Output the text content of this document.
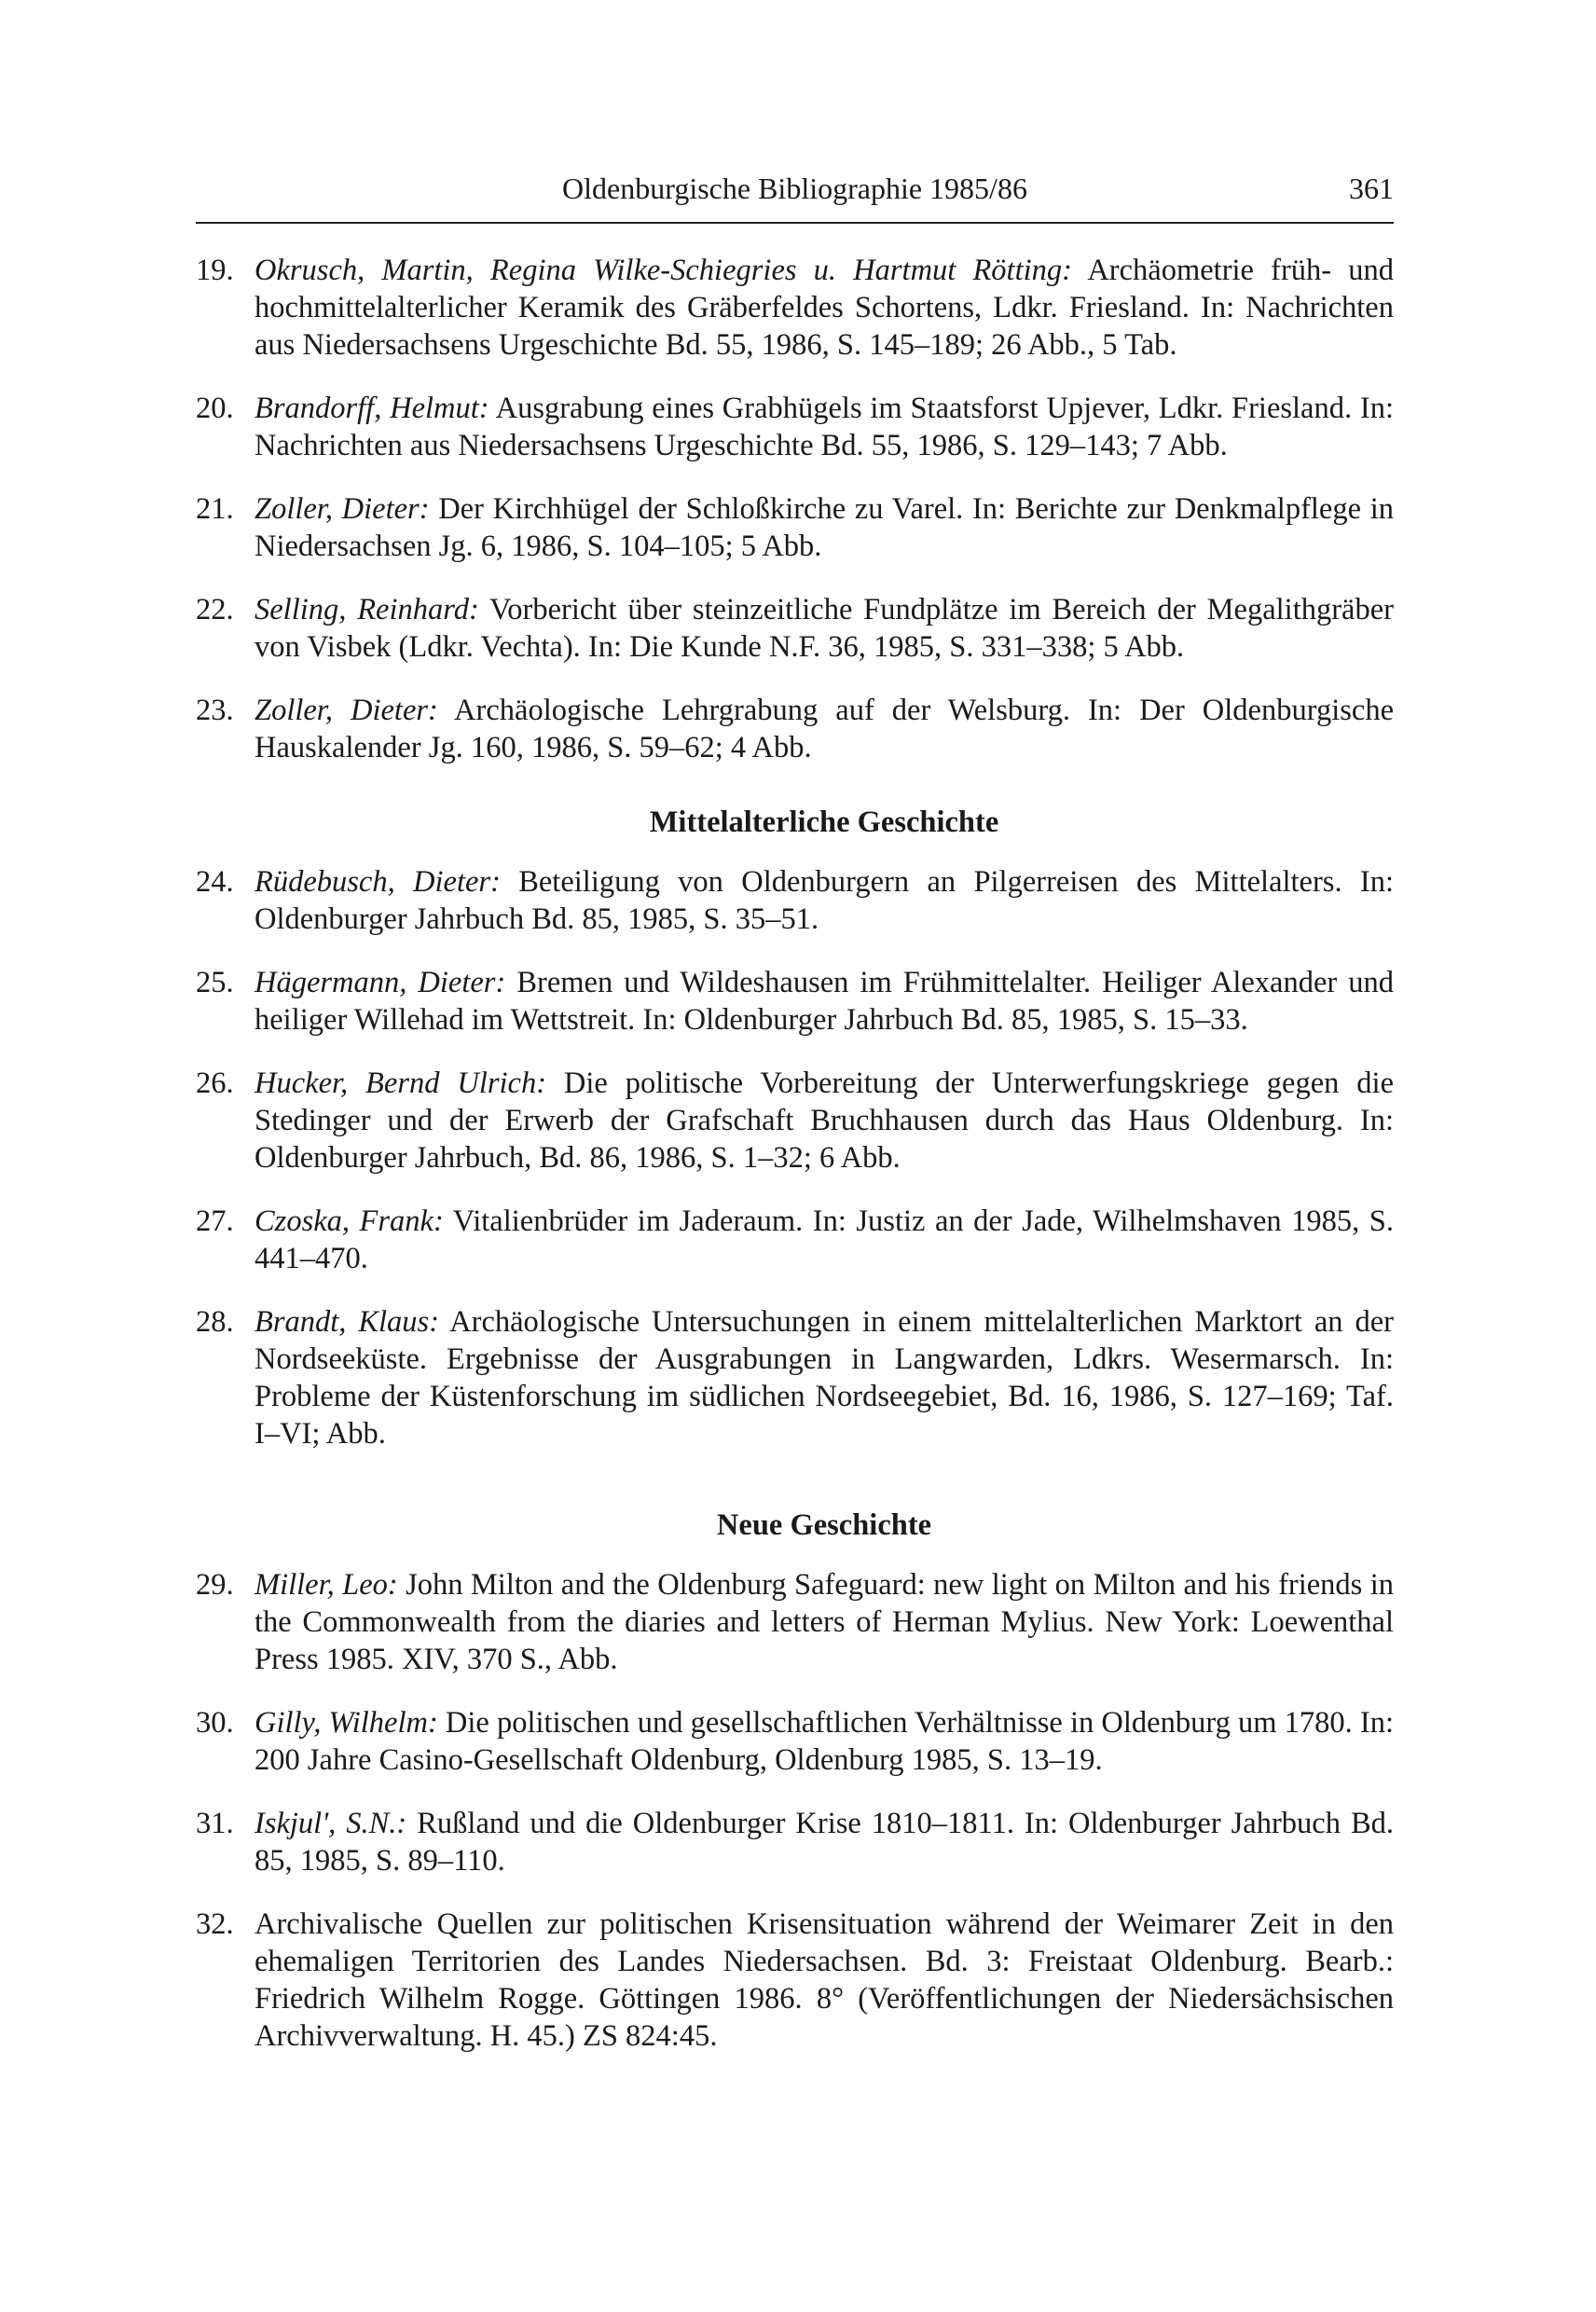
Oldenburgische Bibliographie 1985/86	361
19. Okrusch, Martin, Regina Wilke-Schiegries u. Hartmut Rötting: Archäometrie früh- und hochmittelalterlicher Keramik des Gräberfeldes Schortens, Ldkr. Friesland. In: Nachrichten aus Niedersachsens Urgeschichte Bd. 55, 1986, S. 145–189; 26 Abb., 5 Tab.
20. Brandorff, Helmut: Ausgrabung eines Grabhügels im Staatsforst Upjever, Ldkr. Friesland. In: Nachrichten aus Niedersachsens Urgeschichte Bd. 55, 1986, S. 129–143; 7 Abb.
21. Zoller, Dieter: Der Kirchhügel der Schloßkirche zu Varel. In: Berichte zur Denkmalpflege in Niedersachsen Jg. 6, 1986, S. 104–105; 5 Abb.
22. Selling, Reinhard: Vorbericht über steinzeitliche Fundplätze im Bereich der Megalithgräber von Visbek (Ldkr. Vechta). In: Die Kunde N.F. 36, 1985, S. 331–338; 5 Abb.
23. Zoller, Dieter: Archäologische Lehrgrabung auf der Welsburg. In: Der Oldenburgische Hauskalender Jg. 160, 1986, S. 59–62; 4 Abb.
Mittelalterliche Geschichte
24. Rüdebusch, Dieter: Beteiligung von Oldenburgern an Pilgerreisen des Mittelalters. In: Oldenburger Jahrbuch Bd. 85, 1985, S. 35–51.
25. Hägermann, Dieter: Bremen und Wildeshausen im Frühmittelalter. Heiliger Alexander und heiliger Willehad im Wettstreit. In: Oldenburger Jahrbuch Bd. 85, 1985, S. 15–33.
26. Hucker, Bernd Ulrich: Die politische Vorbereitung der Unterwerfungskriege gegen die Stedinger und der Erwerb der Grafschaft Bruchhausen durch das Haus Oldenburg. In: Oldenburger Jahrbuch, Bd. 86, 1986, S. 1–32; 6 Abb.
27. Czoska, Frank: Vitalienbrüder im Jaderaum. In: Justiz an der Jade, Wilhelmshaven 1985, S. 441–470.
28. Brandt, Klaus: Archäologische Untersuchungen in einem mittelalterlichen Marktort an der Nordseeküste. Ergebnisse der Ausgrabungen in Langwarden, Ldkrs. Wesermarsch. In: Probleme der Küstenforschung im südlichen Nordseegebiet, Bd. 16, 1986, S. 127–169; Taf. I–VI; Abb.
Neue Geschichte
29. Miller, Leo: John Milton and the Oldenburg Safeguard: new light on Milton and his friends in the Commonwealth from the diaries and letters of Herman Mylius. New York: Loewenthal Press 1985. XIV, 370 S., Abb.
30. Gilly, Wilhelm: Die politischen und gesellschaftlichen Verhältnisse in Oldenburg um 1780. In: 200 Jahre Casino-Gesellschaft Oldenburg, Oldenburg 1985, S. 13–19.
31. Iskjul', S.N.: Rußland und die Oldenburger Krise 1810–1811. In: Oldenburger Jahrbuch Bd. 85, 1985, S. 89–110.
32. Archivalische Quellen zur politischen Krisensituation während der Weimarer Zeit in den ehemaligen Territorien des Landes Niedersachsen. Bd. 3: Freistaat Oldenburg. Bearb.: Friedrich Wilhelm Rogge. Göttingen 1986. 8° (Veröffentlichungen der Niedersächsischen Archivverwaltung. H. 45.) ZS 824:45.
